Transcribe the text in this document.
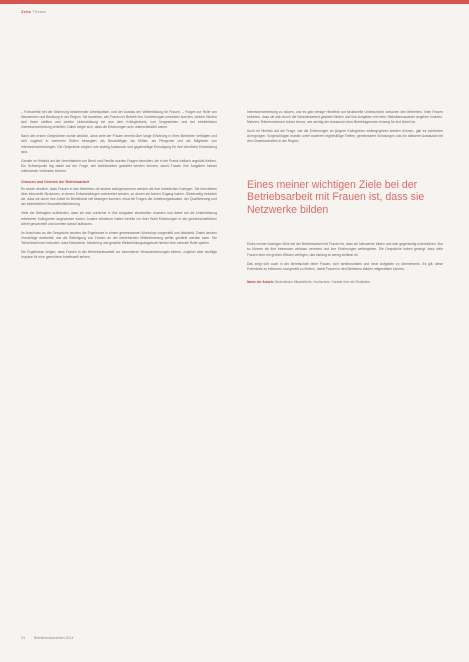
Zeitz Thema

– Fortschritte bei der Sicherung bestehender Arbeitsplätze, und der Ausbau der Weiterbildung für Frauen. – Fragen zur Rolle von Netzwerken und Beratung in der Region. Sie bewerten, wie Frauen im Betrieb ihre Vorstellungen umsetzen konnten, welche Hürden sich ihnen stellten und welche Unterstützung sie aus dem Kollegenkreis, von Vorgesetzten und der betrieblichen Interessenvertretung erhielten. Dabei zeigte sich, dass die Erfahrungen sehr unterschiedlich waren.

Nach den ersten Gesprächen wurde deutlich, dass viele der Frauen bereits über lange Erfahrung in ihren Betrieben verfügten und sich zugleich in mehreren Rollen bewegten: als Beschäftigte, als Mütter, als Pflegende und als Mitglieder von Interessenvertretungen. Die Gespräche zeigten, wie wichtig Austausch und gegenseitige Ermutigung für ihre berufliche Entwicklung sind.

Gerade im Hinblick auf die Vereinbarkeit von Beruf und Familie wurden Fragen formuliert, die in der Praxis vielfach ungelöst bleiben. Ein Schwerpunkt lag dabei auf der Frage, wie Arbeitszeiten gestaltet werden können, damit Frauen ihre Aufgaben besser miteinander verbinden können.

Chancen und Grenzen der Betriebsarbeit

Es wurde deutlich, dass Frauen in den Betrieben oft anders wahrgenommen werden als ihre männlichen Kollegen. Sie berichteten über informelle Strukturen, in denen Entscheidungen vorbereitet werden, zu denen sie keinen Zugang haben. Gleichzeitig betonten sie, dass sie durch ihre Arbeit im Betriebsrat viel bewegen konnten, etwa bei Fragen der Arbeitsorganisation, der Qualifizierung und der betrieblichen Gesundheitsförderung.

Viele der Befragten schilderten, dass sie sich zunächst in ihre Aufgaben einarbeiten mussten und dabei auf die Unterstützung erfahrener Kolleginnen angewiesen waren. Andere wiederum hatten bereits vor ihrer Wahl Erfahrungen in der gewerkschaftlichen Arbeit gesammelt und konnten darauf aufbauen.

Im Anschluss an die Gespräche wurden die Ergebnisse in einem gemeinsamen Workshop vorgestellt und diskutiert. Dabei wurden Vorschläge erarbeitet, wie die Beteiligung von Frauen an der betrieblichen Mitbestimmung weiter gestärkt werden kann. Die Teilnehmerinnen betonten, dass Netzwerke, Mentoring und gezielte Weiterbildungsangebote hierbei eine zentrale Rolle spielen.

Die Ergebnisse zeigen, dass Frauen in der Betriebsratsarbeit vor besonderen Herausforderungen stehen, zugleich aber wichtige Impulse für eine gerechtere Arbeitswelt setzen.

Interessenvertretung zu nutzen, und es gab wenige Hinweise auf strukturelle Unterschiede zwischen den Betrieben. Viele Frauen betonten, dass sie sich durch die Netzwerkarbeit gestärkt fühlten und ihre Aufgaben mit mehr Selbstbewusstsein angehen konnten. Mehrere Teilnehmerinnen hoben hervor, wie wichtig der Austausch über Betriebsgrenzen hinweg für ihre Arbeit ist.

Auch im Hinblick auf die Frage, wie die Erfahrungen an jüngere Kolleginnen weitergegeben werden können, gab es zahlreiche Anregungen. Vorgeschlagen wurden unter anderem regelmäßige Treffen, gemeinsame Schulungen und ein stärkerer Austausch mit den Gewerkschaften in der Region.

Eines meiner wichtigen Ziele bei der Betriebsarbeit mit Frauen ist, dass sie Netzwerke bilden

Eines meiner wichtigen Ziele bei der Betriebsarbeit mit Frauen ist, dass sie Netzwerke bilden und sich gegenseitig unterstützen. Nur so können sie ihre Interessen wirksam vertreten und ihre Erfahrungen weitergeben. Die Gespräche haben gezeigt, dass viele Frauen über ein großes Wissen verfügen, das bislang zu wenig sichtbar ist.

Das zeigt sich auch in der Bereitschaft vieler Frauen, sich weiterzubilden und neue Aufgaben zu übernehmen. Es gilt, diese Potenziale zu erkennen und gezielt zu fördern, damit Frauen in den Betrieben stärker mitgestalten können.

Name der Autorin Studentische Mitarbeiterin, Hochschule. Kontakt über die Redaktion.
24	Betriebsratswahlen 2014
